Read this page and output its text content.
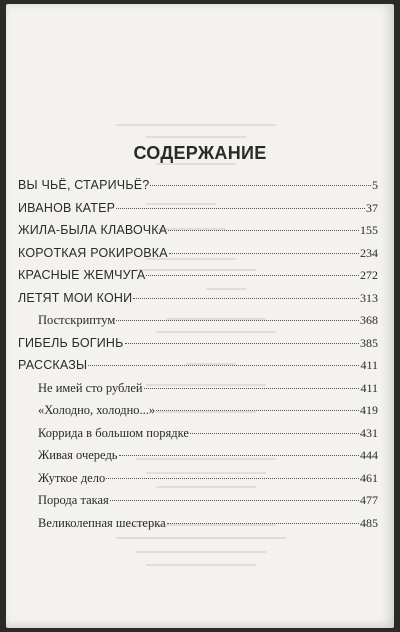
СОДЕРЖАНИЕ
ВЫ ЧЬЁ, СТАРИЧЬЁ?	5
ИВАНОВ КАТЕР	37
ЖИЛА-БЫЛА КЛАВОЧКА	155
КОРОТКАЯ РОКИРОВКА	234
КРАСНЫЕ ЖЕМЧУГА	272
ЛЕТЯТ МОИ КОНИ	313
Постскриптум	368
ГИБЕЛЬ БОГИНЬ	385
РАССКАЗЫ	411
Не имей сто рублей	411
«Холодно, холодно...»	419
Коррида в большом порядке	431
Живая очередь	444
Жуткое дело	461
Порода такая	477
Великолепная шестерка	485
